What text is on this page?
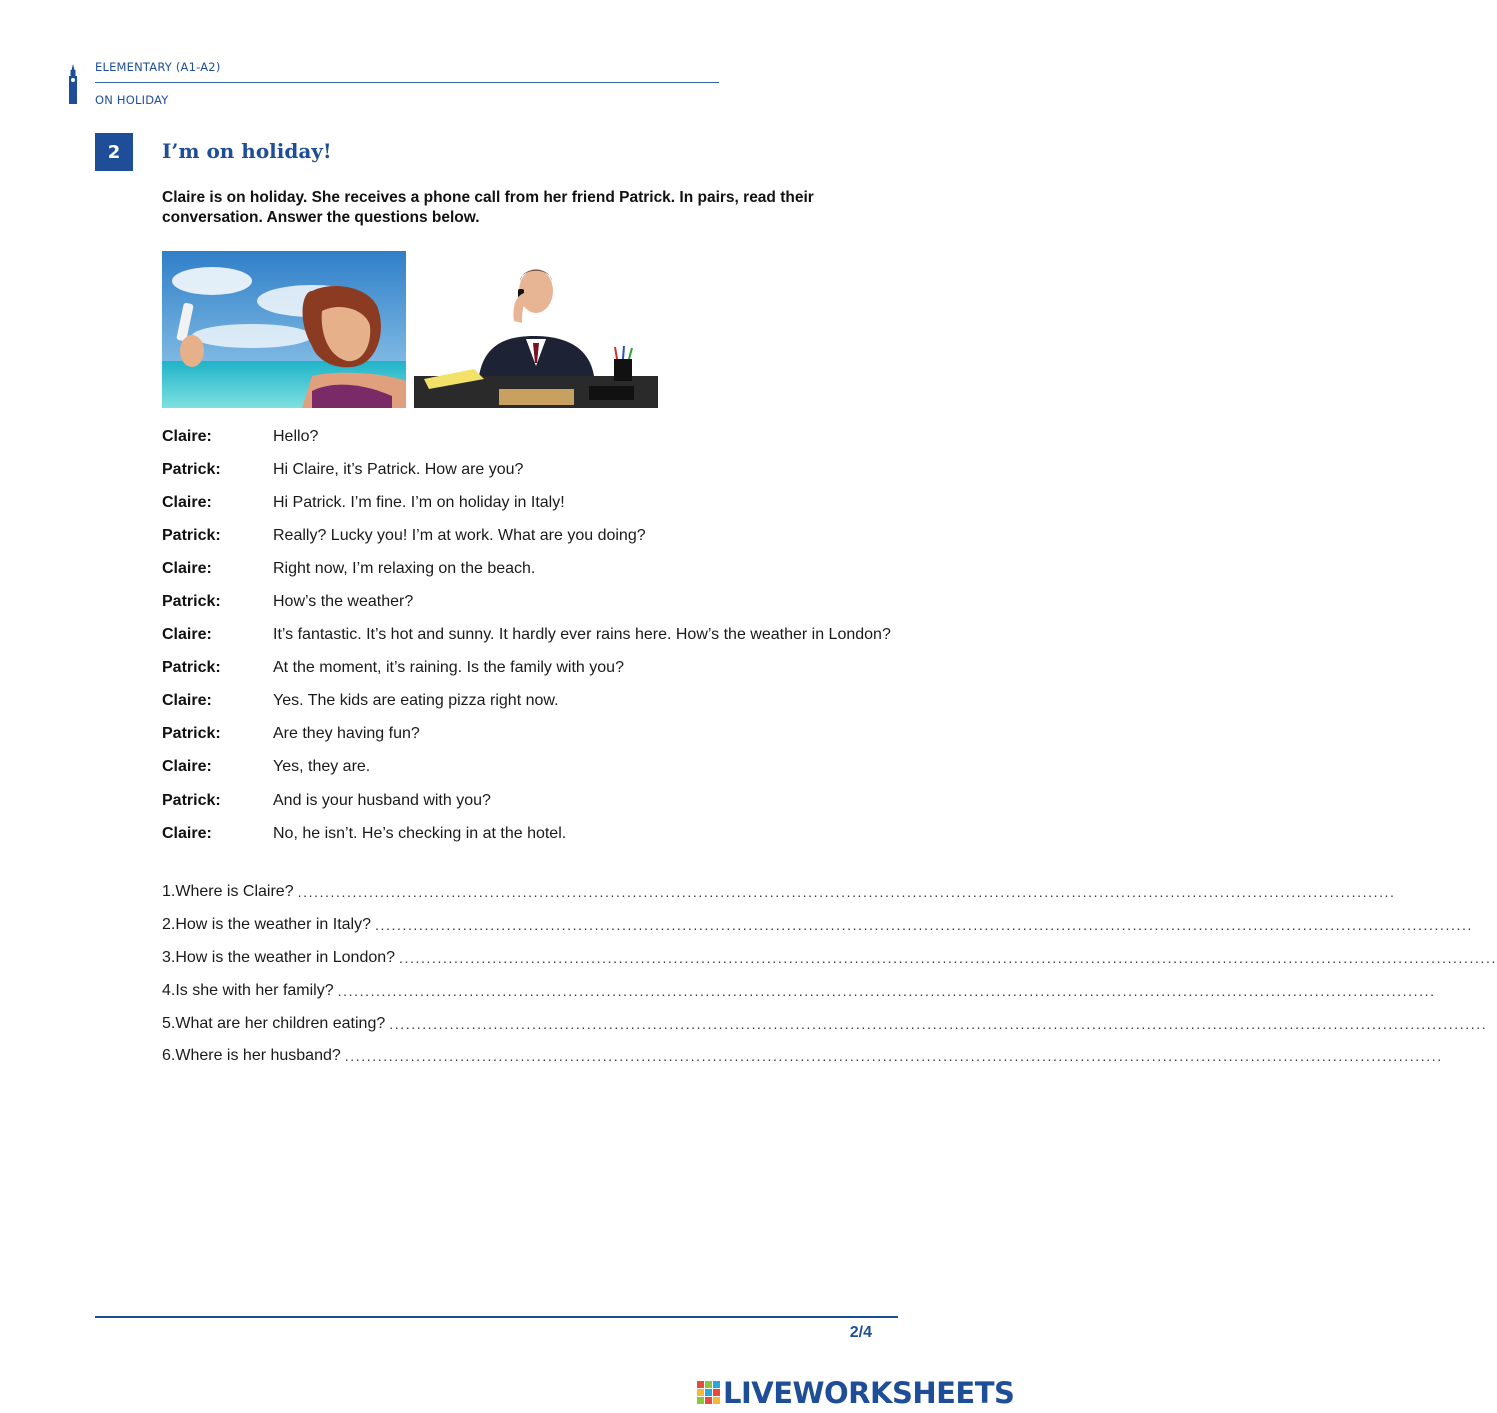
ELEMENTARY (A1-A2)
ON HOLIDAY
2	I’m on holiday!
Claire is on holiday. She receives a phone call from her friend Patrick. In pairs, read their conversation. Answer the questions below.
Claire:	Hello?
Patrick:	Hi Claire, it’s Patrick. How are you?
Claire:	Hi Patrick. I’m fine. I’m on holiday in Italy!
Patrick:	Really? Lucky you! I’m at work. What are you doing?
Claire:	Right now, I’m relaxing on the beach.
Patrick:	How’s the weather?
Claire:	It’s fantastic. It’s hot and sunny. It hardly ever rains here. How’s the weather in London?
Patrick:	At the moment, it’s raining. Is the family with you?
Claire:	Yes. The kids are eating pizza right now.
Patrick:	Are they having fun?
Claire:	Yes, they are.
Patrick:	And is your husband with you?
Claire:	No, he isn’t. He’s checking in at the hotel.
1. Where is Claire? ........................................................................................................................................................................................................
2. How is the weather in Italy? ........................................................................................................................................................................................................
3. How is the weather in London? ........................................................................................................................................................................................................
4. Is she with her family? ........................................................................................................................................................................................................
5. What are her children eating? ........................................................................................................................................................................................................
6. Where is her husband? ........................................................................................................................................................................................................
2/4
LIVEWORKSHEETS
